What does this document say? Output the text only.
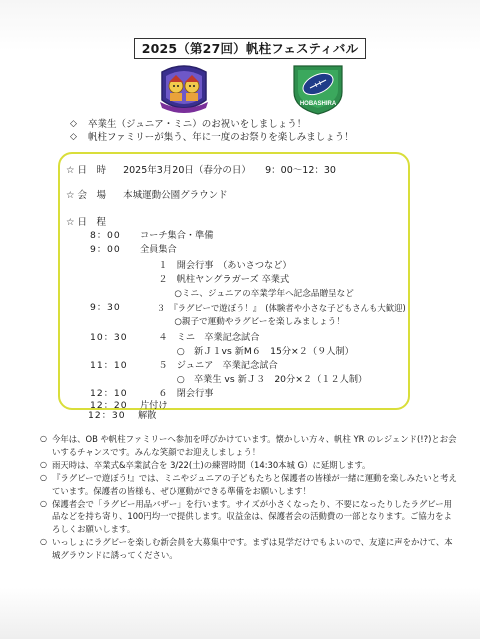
2025（第27回）帆柱フェスティバル
HOBASHIRA
◇	卒業生（ジュニア・ミニ）のお祝いをしましょう！
◇	帆柱ファミリーが集う、年に一度のお祭りを楽しみましょう！
☆ 日　時 2025年3月20日（春分の日）　　9：00〜12：30
☆ 会　場 本城運動公園グラウンド
☆ 日　程
8：00 コーチ集合・準備
9：00 全員集合
　　１　開会行事　（あいさつなど）
　　２　帆柱ヤングラガーズ 卒業式
　　　　○ミニ、ジュニアの卒業学年へ記念品贈呈など
9：30 　　３　『ラグビーで遊ぼう！』　(体験者や小さな子どもさんも大歓迎)
　　　　○親子で運動やラグビーを楽しみましょう！
10：30 　　４　ミニ　卒業記念試合
　　　　○　新Ｊ１vs 新M６　15分×２（９人制）
11：10 　　５　ジュニア　卒業記念試合
　　　　○　卒業生 vs 新Ｊ３　20分×２（１２人制）
12：10 　　６　閉会行事
12：20 片付け
12：30 解散
○ 今年は、OB や帆柱ファミリーへ参加を呼びかけています。懐かしい方々、帆柱 YR のレジェンド(!?)とお会いするチャンスです。みんな笑顔でお迎えしましょう！
○ 雨天時は、卒業式&卒業試合を 3/22(土)の練習時間（14:30本城 G）に延期します。
○ 『ラグビーで遊ぼう!』では、ミニやジュニアの子どもたちと保護者の皆様が一緒に運動を楽しみたいと考えています。保護者の皆様も、ぜひ運動ができる準備をお願いします！
○ 保護者会で「ラグビー用品バザー」を行います。サイズが小さくなったり、不要になったりしたラグビー用品などを持ち寄り、100円均一で提供します。収益金は、保護者会の活動費の一部となります。ご協力をよろしくお願いします。
○ いっしょにラグビーを楽しむ新会員を大募集中です。まずは見学だけでもよいので、友達に声をかけて、本城グラウンドに誘ってください。
